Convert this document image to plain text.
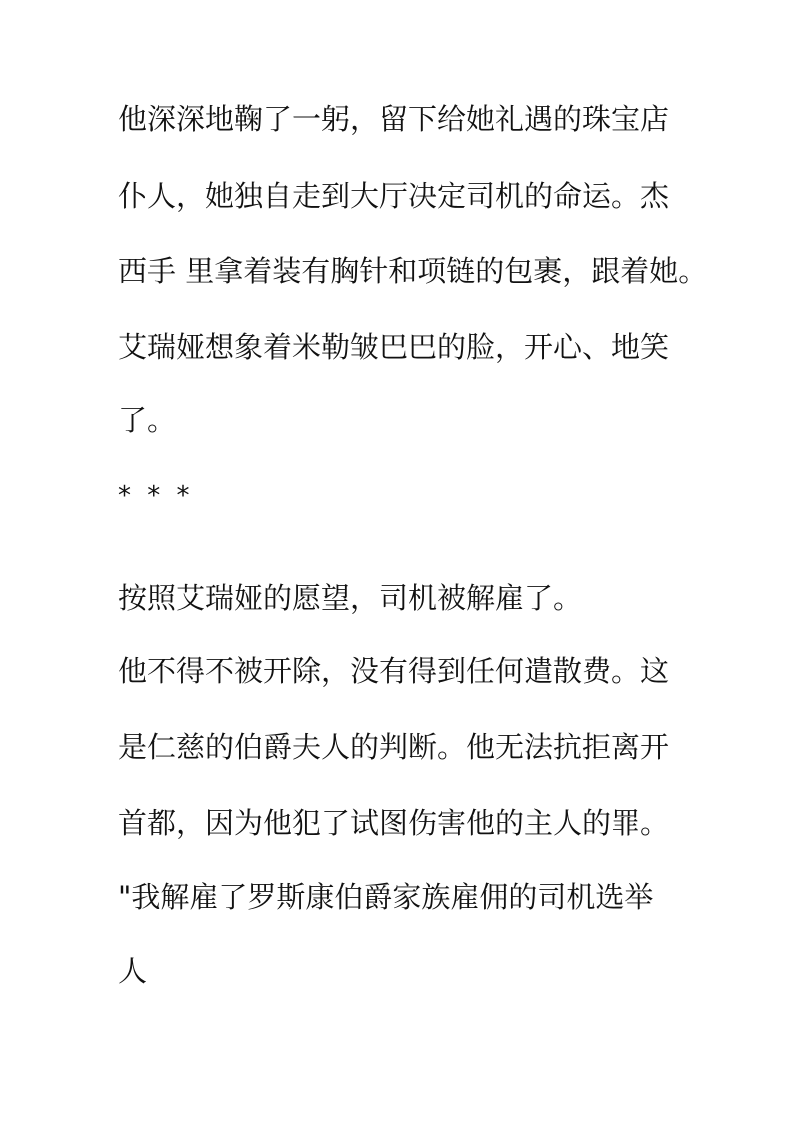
他深深地鞠了一躬，留下给她礼遇的珠宝店
仆人，她独自走到大厅决定司机的命运。杰
西手 里拿着装有胸针和项链的包裹，跟着她。
艾瑞娅想象着米勒皱巴巴的脸，开心、地笑
了。
* * *
按照艾瑞娅的愿望，司机被解雇了。
他不得不被开除，没有得到任何遣散费。这
是仁慈的伯爵夫人的判断。他无法抗拒离开
首都，因为他犯了试图伤害他的主人的罪。
"我解雇了罗斯康伯爵家族雇佣的司机选举
人
